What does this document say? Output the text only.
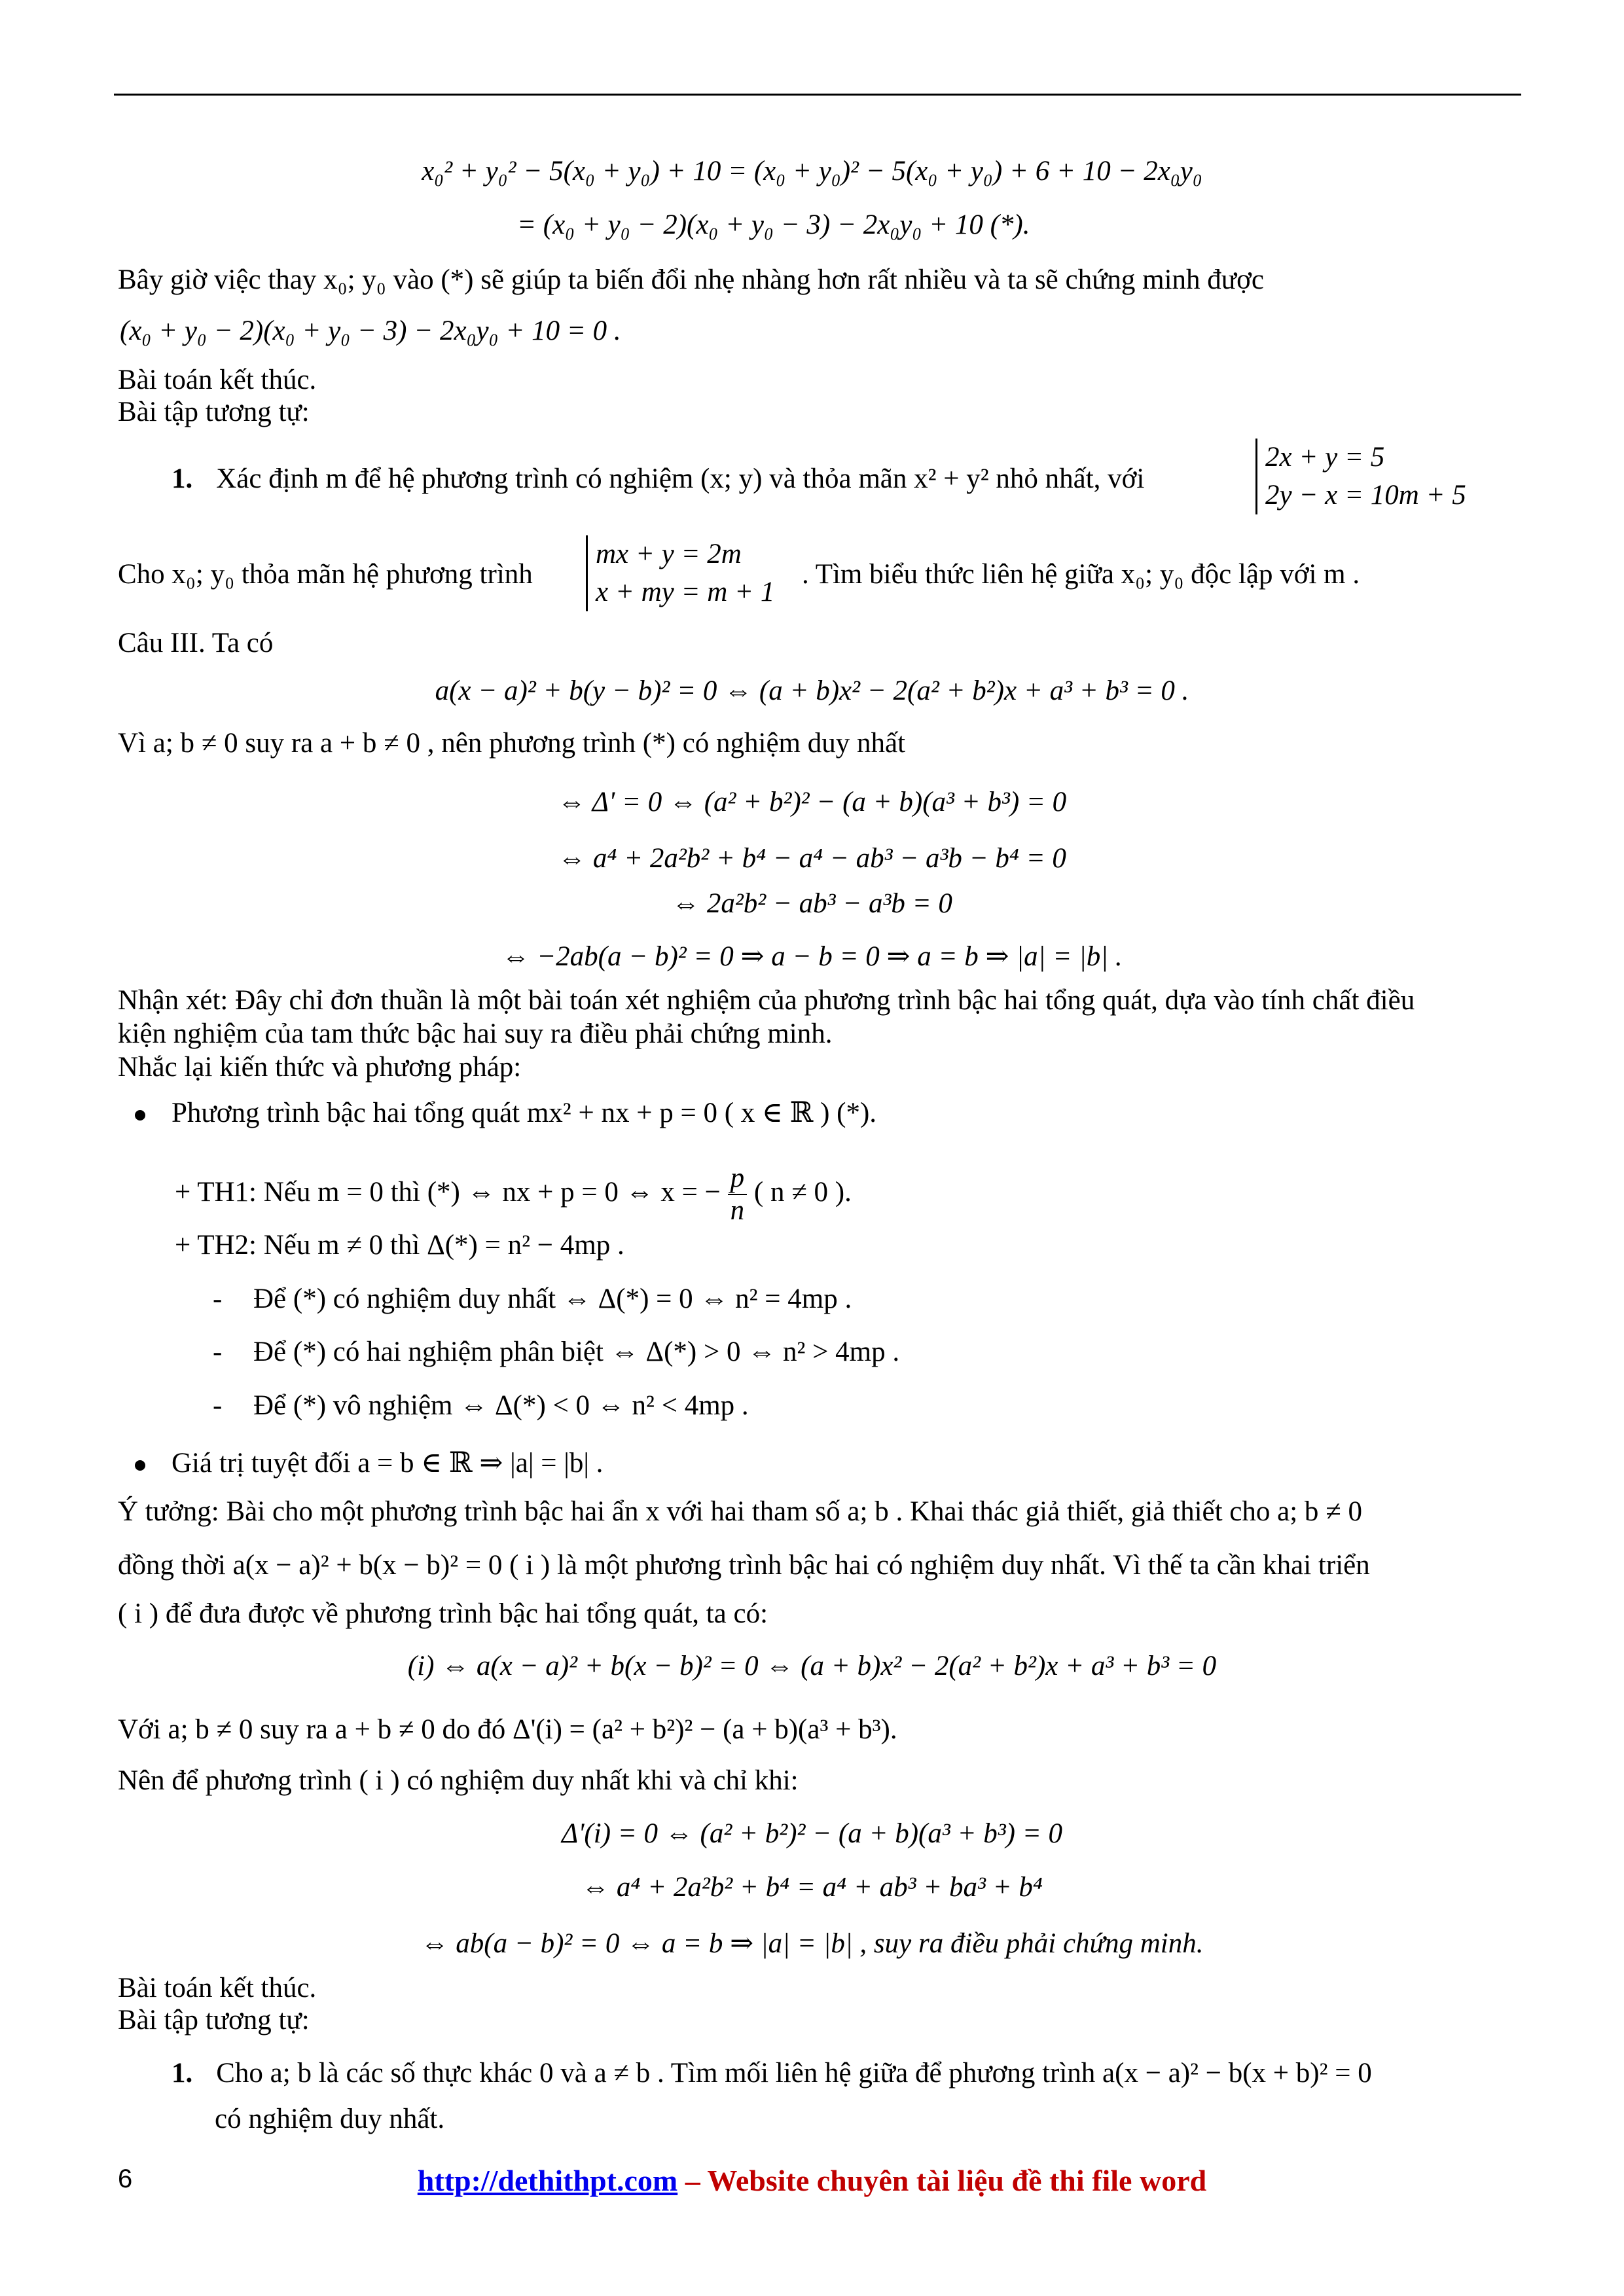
x₀² + y₀² − 5(x₀ + y₀) + 10 = (x₀ + y₀)² − 5(x₀ + y₀) + 6 + 10 − 2x₀y₀
= (x₀ + y₀ − 2)(x₀ + y₀ − 3) − 2x₀y₀ + 10 (*).
Bây giờ việc thay x₀; y₀ vào (*) sẽ giúp ta biến đổi nhẹ nhàng hơn rất nhiều và ta sẽ chứng minh được
(x₀ + y₀ − 2)(x₀ + y₀ − 3) − 2x₀y₀ + 10 = 0 .
Bài toán kết thúc.
Bài tập tương tự:
1. Xác định m để hệ phương trình có nghiệm (x; y) và thỏa mãn x² + y² nhỏ nhất, với
2x + y = 5
2y − x = 10m + 5
Cho x₀; y₀ thỏa mãn hệ phương trình
mx + y = 2m
x + my = m + 1
. Tìm biểu thức liên hệ giữa x₀; y₀ độc lập với m .
Câu III. Ta có
a(x − a)² + b(y − b)² = 0 ⇔ (a + b)x² − 2(a² + b²)x + a³ + b³ = 0 .
Vì a; b ≠ 0 suy ra a + b ≠ 0 , nên phương trình (*) có nghiệm duy nhất
⇔ Δ' = 0 ⇔ (a² + b²)² − (a + b)(a³ + b³) = 0
⇔ a⁴ + 2a²b² + b⁴ − a⁴ − ab³ − a³b − b⁴ = 0
⇔ 2a²b² − ab³ − a³b = 0
⇔ −2ab(a − b)² = 0 ⇒ a − b = 0 ⇒ a = b ⇒ |a| = |b| .
Nhận xét: Đây chỉ đơn thuần là một bài toán xét nghiệm của phương trình bậc hai tổng quát, dựa vào tính chất điều
kiện nghiệm của tam thức bậc hai suy ra điều phải chứng minh.
Nhắc lại kiến thức và phương pháp:
Phương trình bậc hai tổng quát mx² + nx + p = 0 ( x ∈ ℝ ) (*).
+ TH1: Nếu m = 0 thì (*) ⇔ nx + p = 0 ⇔ x = − $\frac{p}{n}$ ( n ≠ 0 ).
+ TH2: Nếu m ≠ 0 thì Δ(*) = n² − 4mp .
- Để (*) có nghiệm duy nhất ⇔ Δ(*) = 0 ⇔ n² = 4mp .
- Để (*) có hai nghiệm phân biệt ⇔ Δ(*) > 0 ⇔ n² > 4mp .
- Để (*) vô nghiệm ⇔ Δ(*) < 0 ⇔ n² < 4mp .
Giá trị tuyệt đối a = b ∈ ℝ ⇒ |a| = |b| .
Ý tưởng: Bài cho một phương trình bậc hai ẩn x với hai tham số a; b . Khai thác giả thiết, giả thiết cho a; b ≠ 0
đồng thời a(x − a)² + b(x − b)² = 0 ( i ) là một phương trình bậc hai có nghiệm duy nhất. Vì thế ta cần khai triển
( i ) để đưa được về phương trình bậc hai tổng quát, ta có:
(i) ⇔ a(x − a)² + b(x − b)² = 0 ⇔ (a + b)x² − 2(a² + b²)x + a³ + b³ = 0
Với a; b ≠ 0 suy ra a + b ≠ 0 do đó Δ'(i) = (a² + b²)² − (a + b)(a³ + b³).
Nên để phương trình ( i ) có nghiệm duy nhất khi và chỉ khi:
Δ'(i) = 0 ⇔ (a² + b²)² − (a + b)(a³ + b³) = 0
⇔ a⁴ + 2a²b² + b⁴ = a⁴ + ab³ + ba³ + b⁴
⇔ ab(a − b)² = 0 ⇔ a = b ⇒ |a| = |b| , suy ra điều phải chứng minh.
Bài toán kết thúc.
Bài tập tương tự:
1. Cho a; b là các số thực khác 0 và a ≠ b . Tìm mối liên hệ giữa để phương trình a(x − a)² − b(x + b)² = 0
có nghiệm duy nhất.
6	http://dethithpt.com – Website chuyên tài liệu đề thi file word
